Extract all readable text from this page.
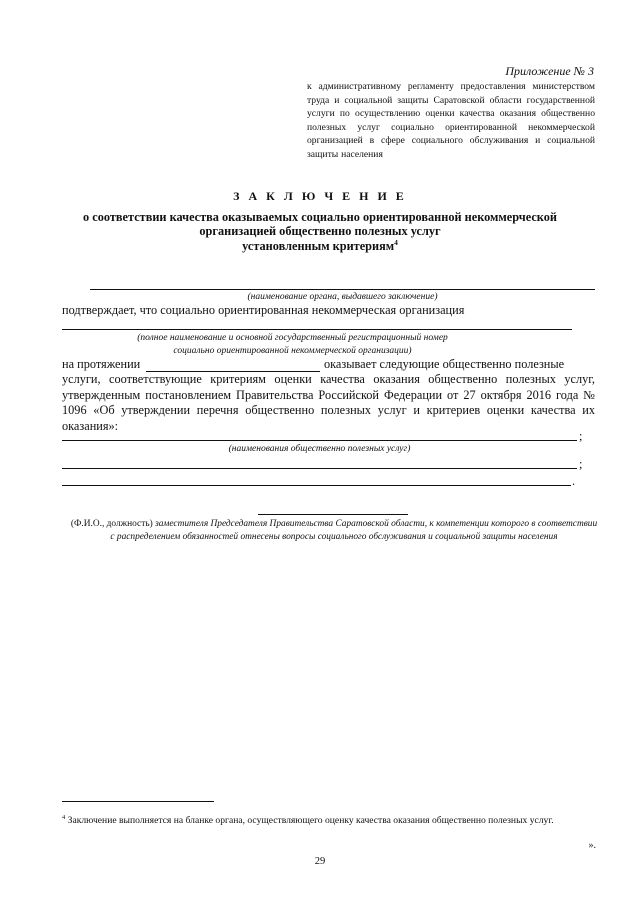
Приложение № 3
к административному регламенту предоставления министерством труда и социальной защиты Саратовской области государственной услуги по осуществлению оценки качества оказания общественно полезных услуг социально ориентированной некоммерческой организацией в сфере социального обслуживания и социальной защиты населения
З А К Л Ю Ч Е Н И Е
о соответствии качества оказываемых социально ориентированной некоммерческой
организацией общественно полезных услуг
установленным критериям$^4$
(наименование органа, выдавшего заключение)
подтверждает, что социально ориентированная некоммерческая организация
(полное наименование и основной государственный регистрационный номер социально ориентированной некоммерческой организации)
на протяжении	оказывает следующие общественно полезные
услуги, соответствующие критериям оценки качества оказания общественно полезных услуг, утвержденным постановлением Правительства Российской Федерации от 27 октября 2016 года № 1096 «Об утверждении перечня общественно полезных услуг и критериев оценки качества их оказания»:
;
(наименования общественно полезных услуг)
;
.
(Ф.И.О., должность) заместителя Председателя Правительства Саратовской области, к компетенции которого в соответствии с распределением обязанностей отнесены вопросы социального обслуживания и социальной защиты населения
$^4$ Заключение выполняется на бланке органа, осуществляющего оценку качества оказания общественно полезных услуг.
».
29
